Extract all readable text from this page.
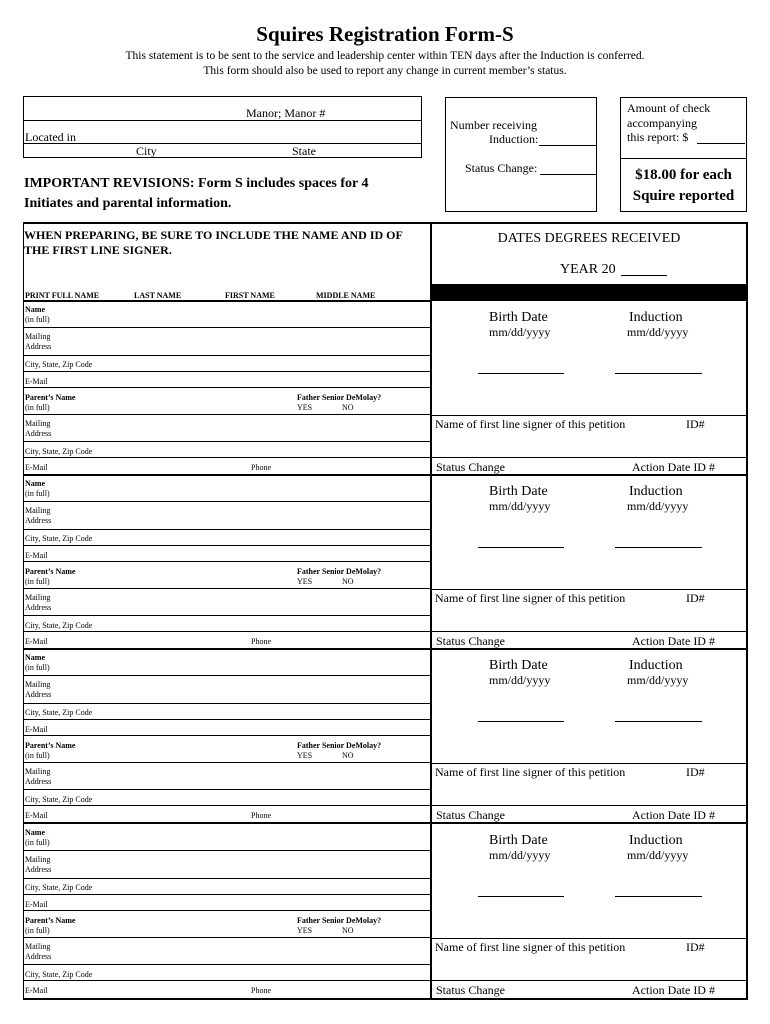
Squires Registration Form-S
This statement is to be sent to the service and leadership center within TEN days after the Induction is conferred.
This form should also be used to report any change in current member’s status.
Manor; Manor #
Located in
City	State
IMPORTANT REVISIONS: Form S includes spaces for 4 Initiates and parental information.
Number receiving
Induction:
Status Change:
Amount of check
accompanying
this report: $
$18.00 for each
Squire reported
WHEN PREPARING, BE SURE TO INCLUDE THE NAME AND ID OF THE FIRST LINE SIGNER.
DATES DEGREES RECEIVED
YEAR 20
PRINT FULL NAME	LAST NAME	FIRST NAME	MIDDLE NAME
Name
(in full)
Mailing
Address
City, State, Zip Code
E-Mail
Parent’s Name
(in full)
Father Senior DeMolay?
YES	NO
Mailing
Address
City, State, Zip Code
E-Mail	Phone
Birth Date	Induction
mm/dd/yyyy	mm/dd/yyyy
Name of first line signer of this petition	ID#
Status Change	Action Date ID #
Name
(in full)
Mailing
Address
City, State, Zip Code
E-Mail
Parent’s Name
(in full)
Father Senior DeMolay?
YES	NO
Mailing
Address
City, State, Zip Code
E-Mail	Phone
Birth Date	Induction
mm/dd/yyyy	mm/dd/yyyy
Name of first line signer of this petition	ID#
Status Change	Action Date ID #
Name
(in full)
Mailing
Address
City, State, Zip Code
E-Mail
Parent’s Name
(in full)
Father Senior DeMolay?
YES	NO
Mailing
Address
City, State, Zip Code
E-Mail	Phone
Birth Date	Induction
mm/dd/yyyy	mm/dd/yyyy
Name of first line signer of this petition	ID#
Status Change	Action Date ID #
Name
(in full)
Mailing
Address
City, State, Zip Code
E-Mail
Parent’s Name
(in full)
Father Senior DeMolay?
YES	NO
Mailing
Address
City, State, Zip Code
E-Mail	Phone
Birth Date	Induction
mm/dd/yyyy	mm/dd/yyyy
Name of first line signer of this petition	ID#
Status Change	Action Date ID #
